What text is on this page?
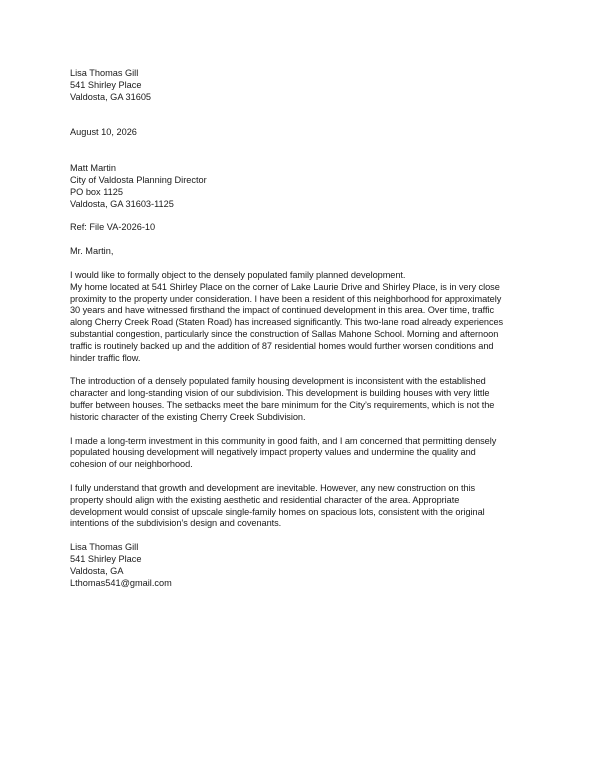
Lisa Thomas Gill
541 Shirley Place
Valdosta, GA 31605
August 10, 2026
Matt Martin
City of Valdosta Planning Director
PO box 1125
Valdosta, GA 31603-1125
Ref: File VA-2026-10
Mr. Martin,

I would like to formally object to the densely populated family planned development.
My home located at 541 Shirley Place on the corner of Lake Laurie Drive and Shirley Place, is in very close
proximity to the property under consideration. I have been a resident of this neighborhood for approximately
30 years and have witnessed firsthand the impact of continued development in this area. Over time, traffic
along Cherry Creek Road (Staten Road) has increased significantly. This two-lane road already experiences
substantial congestion, particularly since the construction of Sallas Mahone School. Morning and afternoon
traffic is routinely backed up and the addition of 87 residential homes would further worsen conditions and
hinder traffic flow.

The introduction of a densely populated family housing development is inconsistent with the established
character and long-standing vision of our subdivision. This development is building houses with very little
buffer between houses. The setbacks meet the bare minimum for the City’s requirements, which is not the
historic character of the existing Cherry Creek Subdivision.

I made a long-term investment in this community in good faith, and I am concerned that permitting densely
populated housing development will negatively impact property values and undermine the quality and
cohesion of our neighborhood.

I fully understand that growth and development are inevitable. However, any new construction on this
property should align with the existing aesthetic and residential character of the area. Appropriate
development would consist of upscale single-family homes on spacious lots, consistent with the original
intentions of the subdivision’s design and covenants.

Lisa Thomas Gill
541 Shirley Place
Valdosta, GA
Lthomas541@gmail.com
